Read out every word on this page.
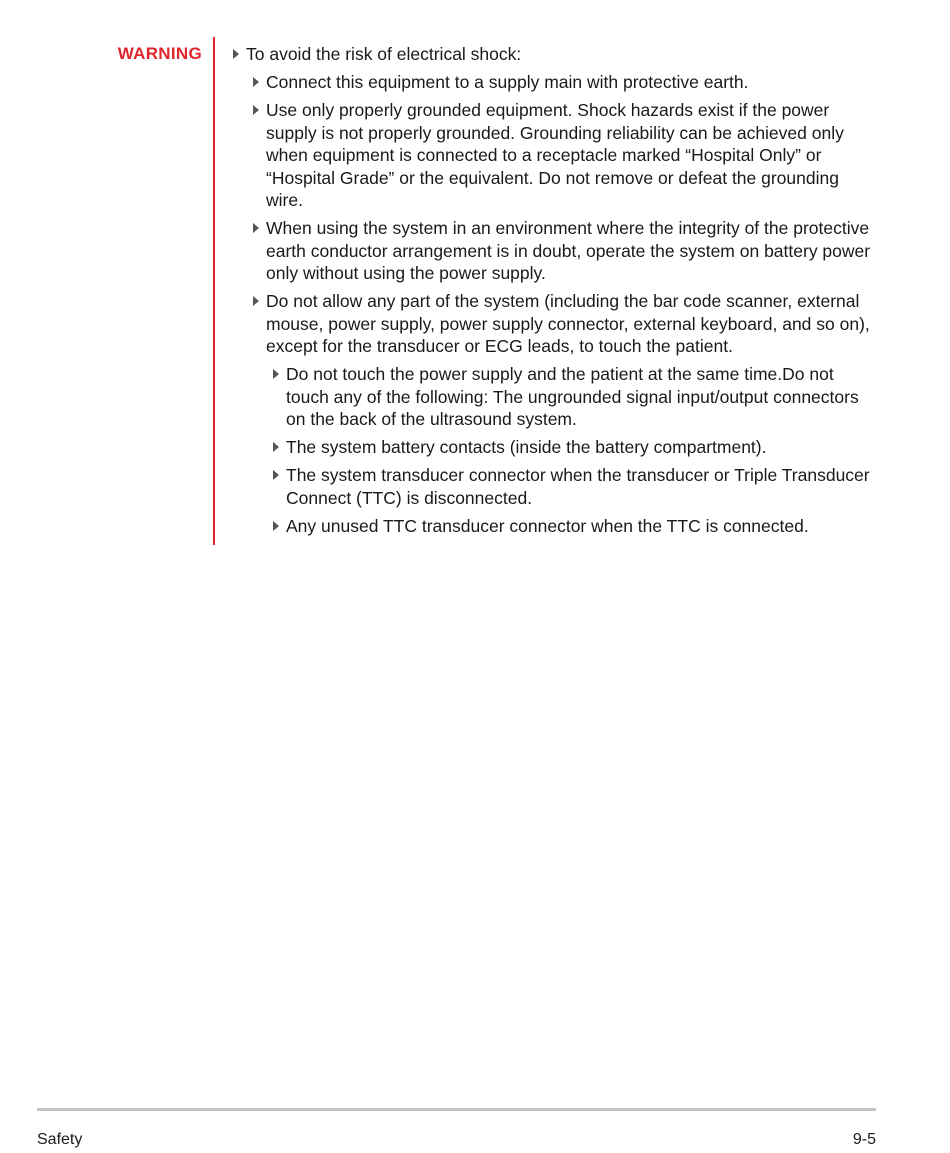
WARNING	To avoid the risk of electrical shock:
Connect this equipment to a supply main with protective earth.
Use only properly grounded equipment. Shock hazards exist if the power supply is not properly grounded. Grounding reliability can be achieved only when equipment is connected to a receptacle marked “Hospital Only” or “Hospital Grade” or the equivalent. Do not remove or defeat the grounding wire.
When using the system in an environment where the integrity of the protective earth conductor arrangement is in doubt, operate the system on battery power only without using the power supply.
Do not allow any part of the system (including the bar code scanner, external mouse, power supply, power supply connector, external keyboard, and so on), except for the transducer or ECG leads, to touch the patient.
Do not touch the power supply and the patient at the same time.Do not touch any of the following: The ungrounded signal input/output connectors on the back of the ultrasound system.
The system battery contacts (inside the battery compartment).
The system transducer connector when the transducer or Triple Transducer Connect (TTC) is disconnected.
Any unused TTC transducer connector when the TTC is connected.
Safety	9-5
